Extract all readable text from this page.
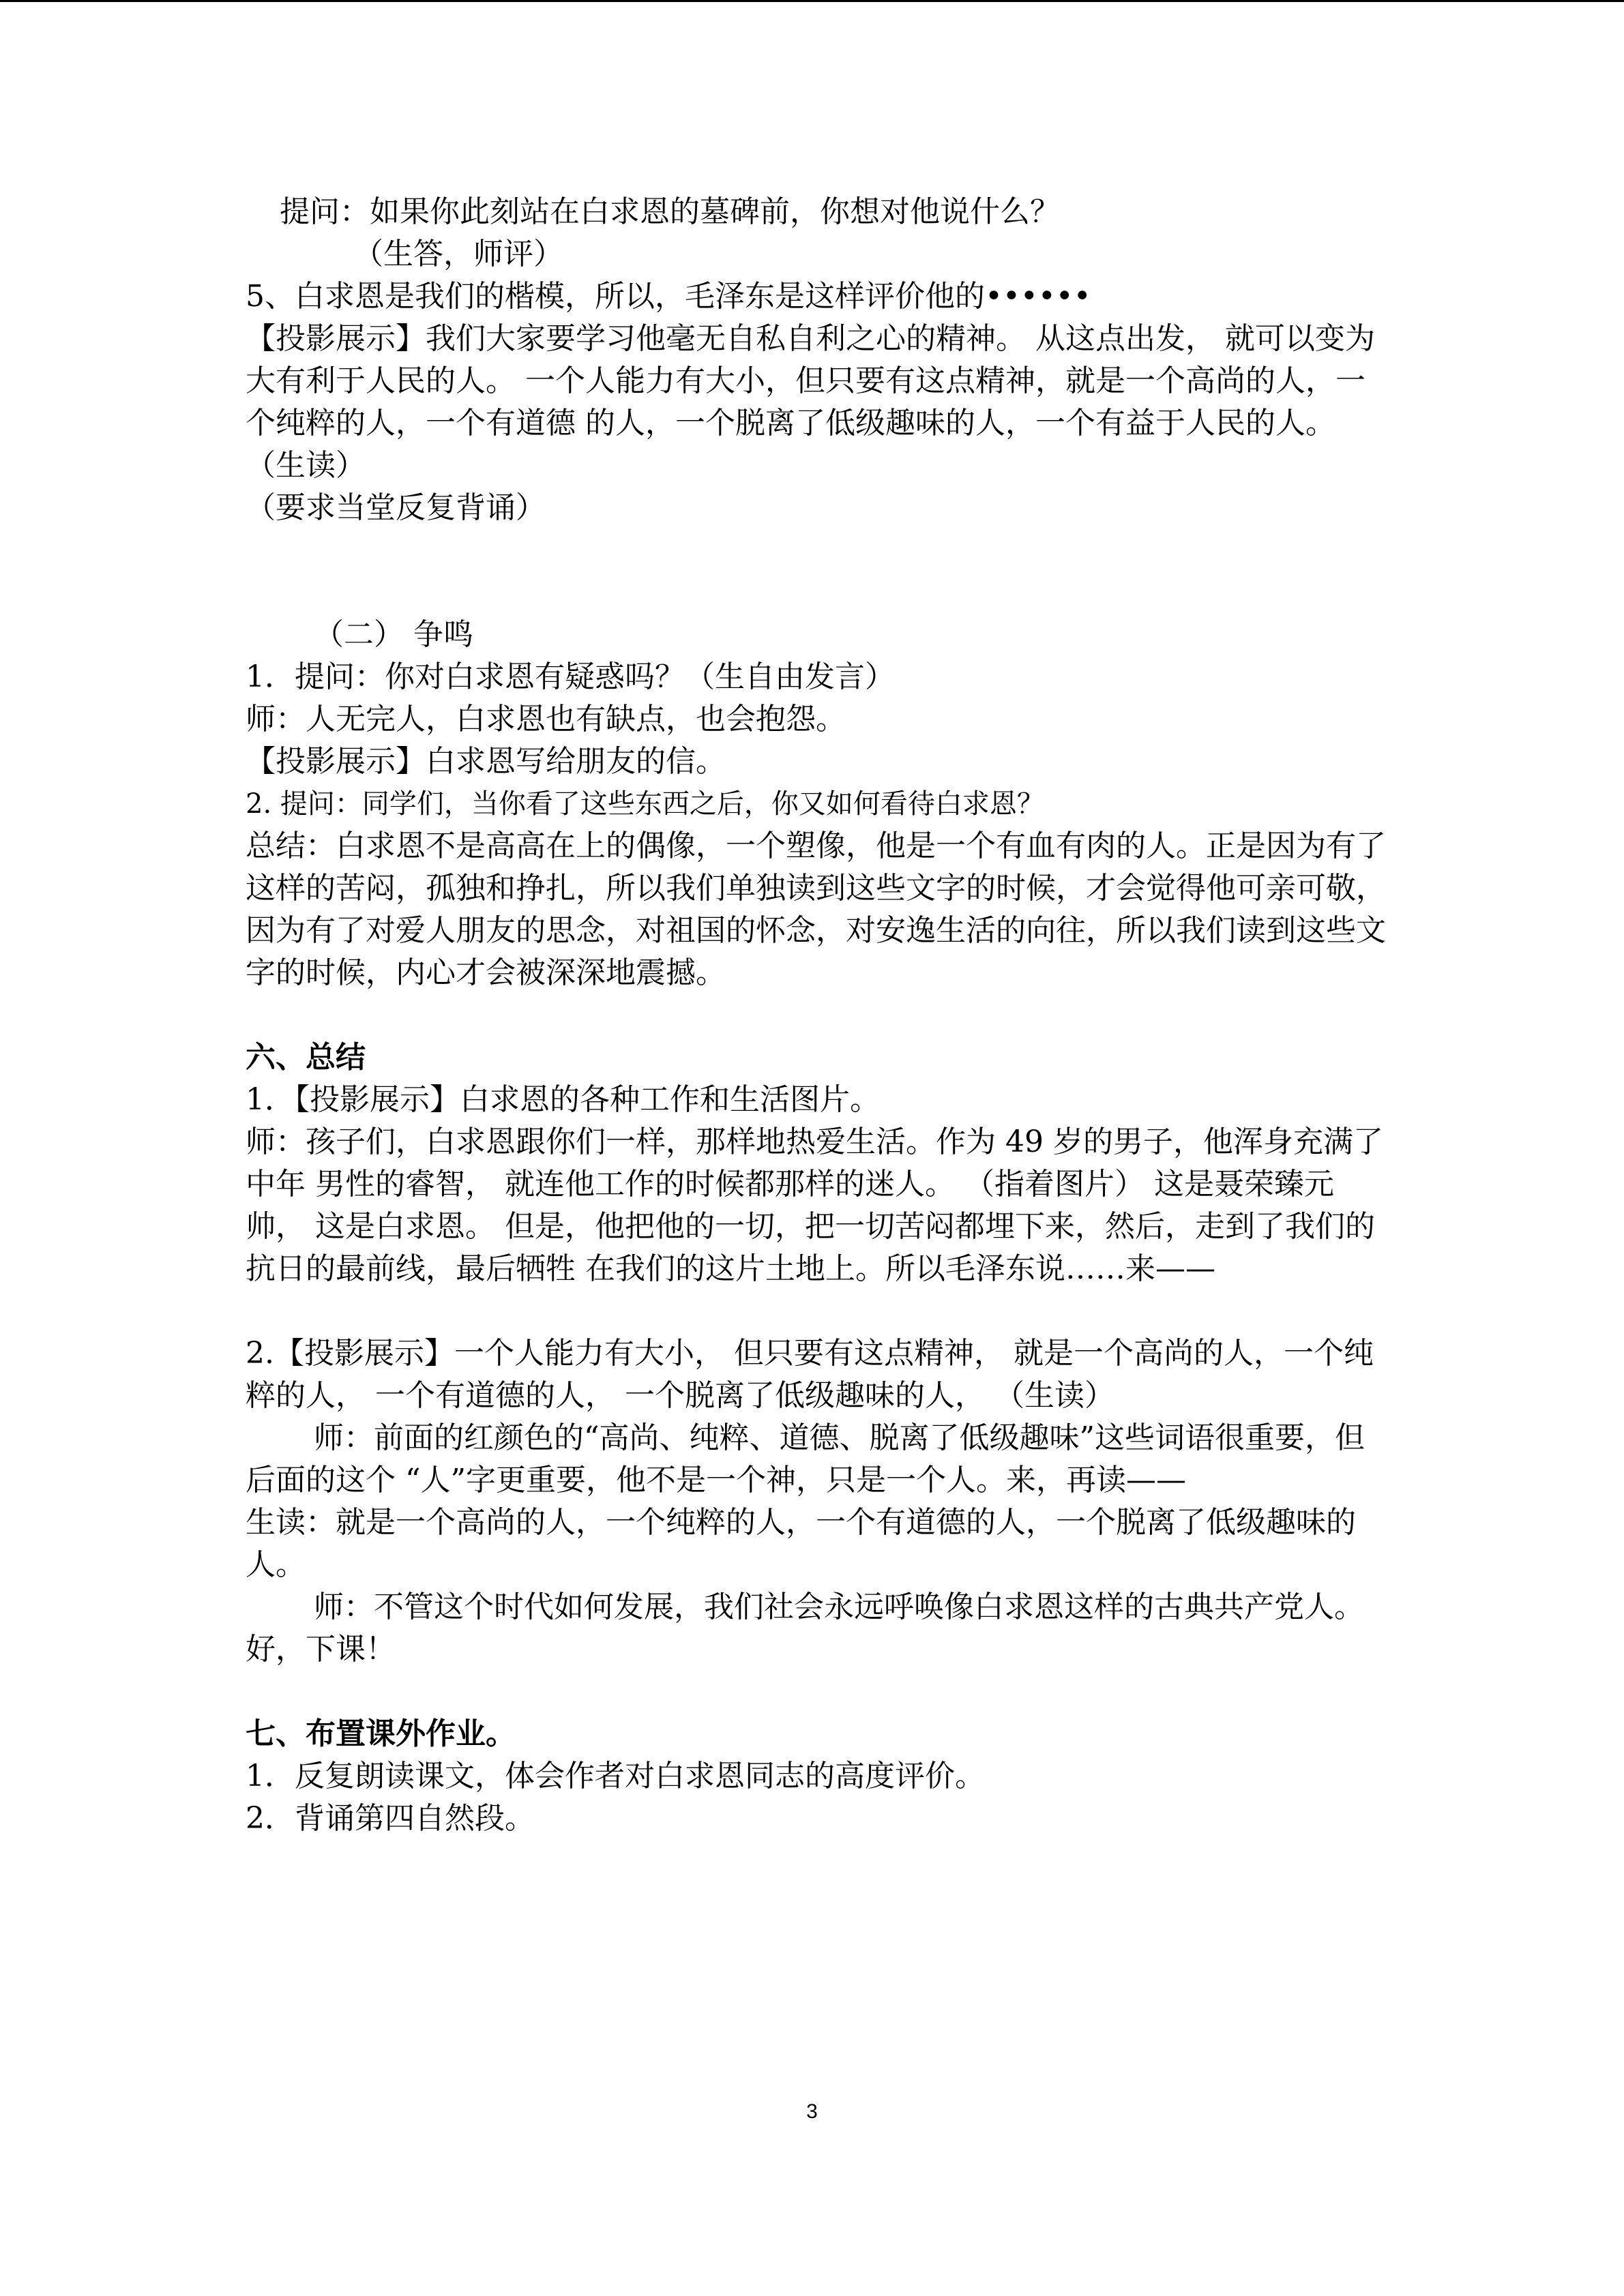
提问：如果你此刻站在白求恩的墓碑前，你想对他说什么？

（生答，师评）

5、白求恩是我们的楷模，所以，毛泽东是这样评价他的••••••

【投影展示】我们大家要学习他毫无自私自利之心的精神。 从这点出发， 就可以变为大有利于人民的人。 一个人能力有大小，但只要有这点精神，就是一个高尚的人，一个纯粹的人，一个有道德 的人，一个脱离了低级趣味的人，一个有益于人民的人。 （生读）

（要求当堂反复背诵）

（二） 争鸣

1．提问：你对白求恩有疑惑吗？（生自由发言）

师：人无完人，白求恩也有缺点，也会抱怨。

【投影展示】白求恩写给朋友的信。

2. 提问：同学们，当你看了这些东西之后，你又如何看待白求恩？

总结：白求恩不是高高在上的偶像，一个塑像，他是一个有血有肉的人。正是因为有了这样的苦闷，孤独和挣扎，所以我们单独读到这些文字的时候，才会觉得他可亲可敬，因为有了对爱人朋友的思念，对祖国的怀念，对安逸生活的向往，所以我们读到这些文字的时候，内心才会被深深地震撼。

六、总结

1．【投影展示】白求恩的各种工作和生活图片。

师：孩子们，白求恩跟你们一样，那样地热爱生活。作为 49 岁的男子，他浑身充满了中年 男性的睿智， 就连他工作的时候都那样的迷人。 （指着图片） 这是聂荣臻元帅， 这是白求恩。 但是，他把他的一切，把一切苦闷都埋下来，然后，走到了我们的抗日的最前线，最后牺牲 在我们的这片土地上。所以毛泽东说……来——

2.【投影展示】一个人能力有大小， 但只要有这点精神， 就是一个高尚的人，一个纯粹的人， 一个有道德的人， 一个脱离了低级趣味的人， （生读）

师：前面的红颜色的“高尚、纯粹、道德、脱离了低级趣味”这些词语很重要，但后面的这个 “人”字更重要，他不是一个神，只是一个人。来，再读——

生读：就是一个高尚的人，一个纯粹的人，一个有道德的人，一个脱离了低级趣味的人。

师：不管这个时代如何发展，我们社会永远呼唤像白求恩这样的古典共产党人。好，下课！

七、布置课外作业。

1．反复朗读课文，体会作者对白求恩同志的高度评价。

2．背诵第四自然段。

3
